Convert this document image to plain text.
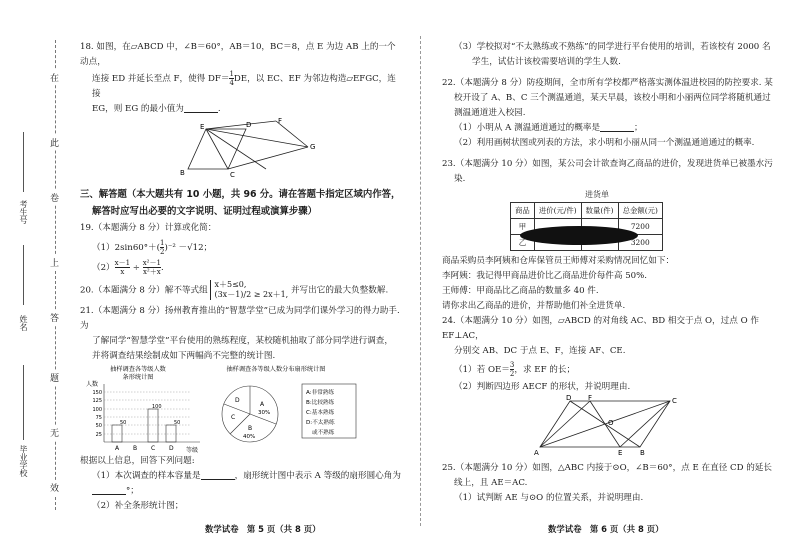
在
此
卷
上
答
题
无
效
考生号
姓名
毕业学校

18. 如图，在▱ABCD 中，∠B＝60°，AB＝10，BC＝8，点 E 为边 AB 上的一个动点，

连接 ED 并延长至点 F，使得 $DF= \frac{1}{4}$ DE，以 EC、EF 为邻边构造▱EFGC，连接

EG，则 EG 的最小值为	.

B
E
C
D	F
G

三、解答题（本大题共有 10 小题，共 96 分。请在答题卡指定区域内作答，

解答时应写出必要的文字说明、证明过程或演算步骤）

19.（本题满分 8 分）计算或化简：

$(1)2\sin 60^\circ+( \frac{1}{2} )^{-2} -√12$；

$(2) \frac{x-1}{x} \div \frac{\text{x²－1}}{\text{x²＋x}}$ .

20.（本题满分 8 分）解不等式组
x＋5≤0,
(3x－1)/2 ≥ 2x＋1, 并写出它的最大负整数解.

21.（本题满分 8 分）扬州教育推出的“智慧学堂”已成为同学们课外学习的得力助手. 为

了解同学“智慧学堂”平台使用的熟练程度，某校随机抽取了部分同学进行调查，

并将调查结果绘制成如下两幅尚不完整的统计图.

抽样调查各等级人数
条形统计图
人数
150
125
100
75
50
25
50
100
50
A B C D 等级
抽样调查各等级人数分布扇形统计图
A
30%
B
40%
C
D
A:非常熟练
B:比较熟练
C:基本熟练
D:不太熟练
或不熟练

根据以上信息，回答下列问题:

（1）本次调查的样本容量是	，扇形统计图中表示 A 等级的扇形圆心角为

°；

（2）补全条形统计图；

数学试卷　第 5 页（共 8 页）

（3）学校拟对“不太熟练或不熟练”的同学进行平台使用的培训，若该校有 2000 名

学生，试估计该校需要培训的学生人数.

22.（本题满分 8 分）防疫期间，全市所有学校都严格落实测体温进校园的防控要求. 某

校开设了 A、B、C 三个测温通道，某天早晨，该校小明和小丽两位同学将随机通过

测温通道进入校园.

（1）小明从 A 测温通道通过的概率是	；

（2）利用画树状图或列表的方法，求小明和小丽从同一个测温通道通过的概率.

23.（本题满分 10 分）如图，某公司会计欲查询乙商品的进价，发现进货单已被墨水污

染.

进货单
商品	进价(元/件)	数量(件)	总金额(元)
甲			7200
乙			3200

商品采购员李阿姨和仓库保管员王师傅对采购情况回忆如下：

李阿姨：我记得甲商品进价比乙商品进价每件高 50%.

王师傅：甲商品比乙商品的数量多 40 件.

请你求出乙商品的进价，并帮助他们补全进货单.

24.（本题满分 10 分）如图，▱ABCD 的对角线 AC、BD 相交于点 O，过点 O 作 EF⊥AC，

分别交 AB、DC 于点 E、F，连接 AF、CE.

（1）若 $OE= \frac{3}{2}$ ，求 EF 的长；

（2）判断四边形 AECF 的形状，并说明理由.

A	E	B
D F	C
O

25.（本题满分 10 分）如图，△ABC 内接于⊙O，∠B＝60°，点 E 在直径 CD 的延长

线上，且 AE＝AC.

（1）试判断 AE 与⊙O 的位置关系，并说明理由.

数学试卷　第 6 页（共 8 页）
